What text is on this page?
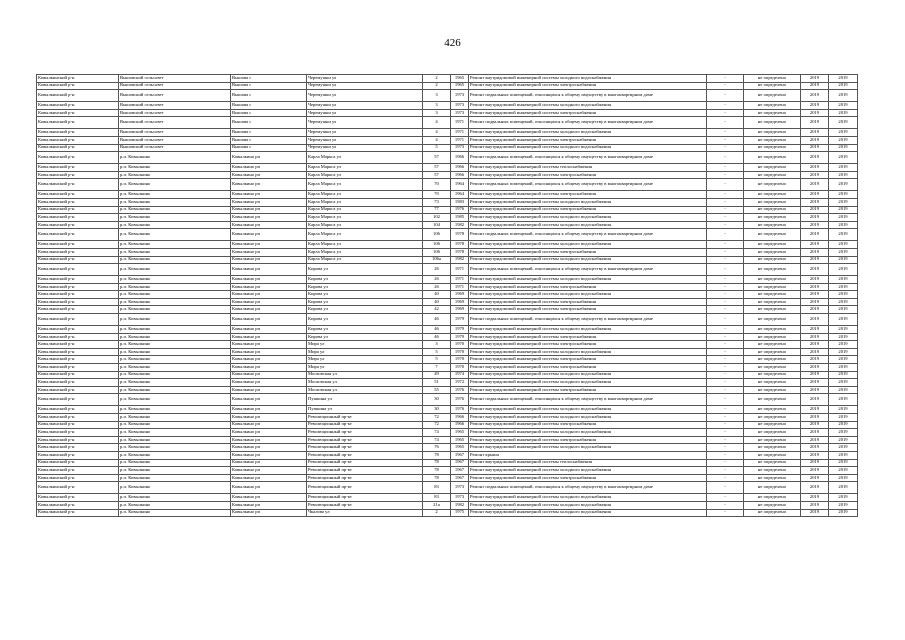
426
Ковылкинский р-н	Вышовский сельсовет	Вышова с	Черемушки ул	2	1965	Ремонт внутридомовой инженерной системы холодного водоснабжения	-	не определено	2019	2019
Ковылкинский р-н	Вышовский сельсовет	Вышова с	Черемушки ул	2	1965	Ремонт внутридомовой инженерной системы электроснабжения	-	не определено	2019	2019
Ковылкинский р-н	Вышовский сельсовет	Вышова с	Черемушки ул	3	1973	Ремонт подвальных помещений, относящихся к общему имуществу в многоквартирном доме	-	не определено	2019	2019
Ковылкинский р-н	Вышовский сельсовет	Вышова с	Черемушки ул	3	1973	Ремонт внутридомовой инженерной системы холодного водоснабжения	-	не определено	2019	2019
Ковылкинский р-н	Вышовский сельсовет	Вышова с	Черемушки ул	3	1973	Ремонт внутридомовой инженерной системы электроснабжения	-	не определено	2019	2019
Ковылкинский р-н	Вышовский сельсовет	Вышова с	Черемушки ул	4	1971	Ремонт подвальных помещений, относящихся к общему имуществу в многоквартирном доме	-	не определено	2019	2019
Ковылкинский р-н	Вышовский сельсовет	Вышова с	Черемушки ул	4	1971	Ремонт внутридомовой инженерной системы холодного водоснабжения	-	не определено	2019	2019
Ковылкинский р-н	Вышовский сельсовет	Вышова с	Черемушки ул	4	1971	Ремонт внутридомовой инженерной системы электроснабжения	-	не определено	2019	2019
Ковылкинский р-н	Вышовский сельсовет	Вышова с	Черемушки ул	5	1973	Ремонт внутридомовой инженерной системы холодного водоснабжения	-	не определено	2019	2019
Ковылкинский р-н	р.п. Ковылкино	Ковылкино рп	Карла Маркса ул	57	1966	Ремонт подвальных помещений, относящихся к общему имуществу в многоквартирном доме	-	не определено	2019	2019
Ковылкинский р-н	р.п. Ковылкино	Ковылкино рп	Карла Маркса ул	57	1966	Ремонт внутридомовой инженерной системы теплоснабжения	-	не определено	2019	2019
Ковылкинский р-н	р.п. Ковылкино	Ковылкино рп	Карла Маркса ул	57	1966	Ремонт внутридомовой инженерной системы электроснабжения	-	не определено	2019	2019
Ковылкинский р-н	р.п. Ковылкино	Ковылкино рп	Карла Маркса ул	70	1964	Ремонт подвальных помещений, относящихся к общему имуществу в многоквартирном доме	-	не определено	2019	2019
Ковылкинский р-н	р.п. Ковылкино	Ковылкино рп	Карла Маркса ул	70	1964	Ремонт внутридомовой инженерной системы электроснабжения	-	не определено	2019	2019
Ковылкинский р-н	р.п. Ковылкино	Ковылкино рп	Карла Маркса ул	73	1983	Ремонт внутридомовой инженерной системы холодного водоснабжения	-	не определено	2019	2019
Ковылкинский р-н	р.п. Ковылкино	Ковылкино рп	Карла Маркса ул	77	1976	Ремонт внутридомовой инженерной системы электроснабжения	-	не определено	2019	2019
Ковылкинский р-н	р.п. Ковылкино	Ковылкино рп	Карла Маркса ул	102	1985	Ремонт внутридомовой инженерной системы холодного водоснабжения	-	не определено	2019	2019
Ковылкинский р-н	р.п. Ковылкино	Ковылкино рп	Карла Маркса ул	104	1982	Ремонт внутридомовой инженерной системы холодного водоснабжения	-	не определено	2019	2019
Ковылкинский р-н	р.п. Ковылкино	Ковылкино рп	Карла Маркса ул	106	1978	Ремонт подвальных помещений, относящихся к общему имуществу в многоквартирном доме	-	не определено	2019	2019
Ковылкинский р-н	р.п. Ковылкино	Ковылкино рп	Карла Маркса ул	106	1978	Ремонт внутридомовой инженерной системы холодного водоснабжения	-	не определено	2019	2019
Ковылкинский р-н	р.п. Ковылкино	Ковылкино рп	Карла Маркса ул	106	1978	Ремонт внутридомовой инженерной системы электроснабжения	-	не определено	2019	2019
Ковылкинский р-н	р.п. Ковылкино	Ковылкино рп	Карла Маркса ул	106a	1982	Ремонт внутридомовой инженерной системы холодного водоснабжения	-	не определено	2019	2019
Ковылкинский р-н	р.п. Ковылкино	Ковылкино рп	Кирова ул	26	1971	Ремонт подвальных помещений, относящихся к общему имуществу в многоквартирном доме	-	не определено	2019	2019
Ковылкинский р-н	р.п. Ковылкино	Ковылкино рп	Кирова ул	26	1971	Ремонт внутридомовой инженерной системы холодного водоснабжения	-	не определено	2019	2019
Ковылкинский р-н	р.п. Ковылкино	Ковылкино рп	Кирова ул	26	1971	Ремонт внутридомовой инженерной системы электроснабжения	-	не определено	2019	2019
Ковылкинский р-н	р.п. Ковылкино	Ковылкино рп	Кирова ул	40	1969	Ремонт внутридомовой инженерной системы холодного водоснабжения	-	не определено	2019	2019
Ковылкинский р-н	р.п. Ковылкино	Ковылкино рп	Кирова ул	40	1969	Ремонт внутридомовой инженерной системы электроснабжения	-	не определено	2019	2019
Ковылкинский р-н	р.п. Ковылкино	Ковылкино рп	Кирова ул	42	1969	Ремонт внутридомовой инженерной системы электроснабжения	-	не определено	2019	2019
Ковылкинский р-н	р.п. Ковылкино	Ковылкино рп	Кирова ул	46	1979	Ремонт подвальных помещений, относящихся к общему имуществу в многоквартирном доме	-	не определено	2019	2019
Ковылкинский р-н	р.п. Ковылкино	Ковылкино рп	Кирова ул	46	1979	Ремонт внутридомовой инженерной системы холодного водоснабжения	-	не определено	2019	2019
Ковылкинский р-н	р.п. Ковылкино	Ковылкино рп	Кирова ул	46	1979	Ремонт внутридомовой инженерной системы электроснабжения	-	не определено	2019	2019
Ковылкинский р-н	р.п. Ковылкино	Ковылкино рп	Мира ул	3	1970	Ремонт внутридомовой инженерной системы электроснабжения	-	не определено	2019	2019
Ковылкинский р-н	р.п. Ковылкино	Ковылкино рп	Мира ул	5	1970	Ремонт внутридомовой инженерной системы холодного водоснабжения	-	не определено	2019	2019
Ковылкинский р-н	р.п. Ковылкино	Ковылкино рп	Мира ул	5	1970	Ремонт внутридомовой инженерной системы электроснабжения	-	не определено	2019	2019
Ковылкинский р-н	р.п. Ковылкино	Ковылкино рп	Мира ул	7	1970	Ремонт внутридомовой инженерной системы электроснабжения	-	не определено	2019	2019
Ковылкинский р-н	р.п. Ковылкино	Ковылкино рп	Московская ул	49	1974	Ремонт внутридомовой инженерной системы холодного водоснабжения	-	не определено	2019	2019
Ковылкинский р-н	р.п. Ковылкино	Ковылкино рп	Московская ул	51	1972	Ремонт внутридомовой инженерной системы холодного водоснабжения	-	не определено	2019	2019
Ковылкинский р-н	р.п. Ковылкино	Ковылкино рп	Московская ул	55	1976	Ремонт внутридомовой инженерной системы электроснабжения	-	не определено	2019	2019
Ковылкинский р-н	р.п. Ковылкино	Ковылкино рп	Пушкина ул	30	1976	Ремонт подвальных помещений, относящихся к общему имуществу в многоквартирном доме	-	не определено	2019	2019
Ковылкинский р-н	р.п. Ковылкино	Ковылкино рп	Пушкина ул	30	1976	Ремонт внутридомовой инженерной системы холодного водоснабжения	-	не определено	2019	2019
Ковылкинский р-н	р.п. Ковылкино	Ковылкино рп	Революционный пр-кт	72	1966	Ремонт внутридомовой инженерной системы холодного водоснабжения	-	не определено	2019	2019
Ковылкинский р-н	р.п. Ковылкино	Ковылкино рп	Революционный пр-кт	72	1966	Ремонт внутридомовой инженерной системы электроснабжения	-	не определено	2019	2019
Ковылкинский р-н	р.п. Ковылкино	Ковылкино рп	Революционный пр-кт	74	1965	Ремонт внутридомовой инженерной системы холодного водоснабжения	-	не определено	2019	2019
Ковылкинский р-н	р.п. Ковылкино	Ковылкино рп	Революционный пр-кт	74	1965	Ремонт внутридомовой инженерной системы электроснабжения	-	не определено	2019	2019
Ковылкинский р-н	р.п. Ковылкино	Ковылкино рп	Революционный пр-кт	76	1965	Ремонт внутридомовой инженерной системы холодного водоснабжения	-	не определено	2019	2019
Ковылкинский р-н	р.п. Ковылкино	Ковылкино рп	Революционный пр-кт	78	1967	Ремонт крыши	-	не определено	2019	2019
Ковылкинский р-н	р.п. Ковылкино	Ковылкино рп	Революционный пр-кт	78	1967	Ремонт внутридомовой инженерной системы теплоснабжения	-	не определено	2019	2019
Ковылкинский р-н	р.п. Ковылкино	Ковылкино рп	Революционный пр-кт	78	1967	Ремонт внутридомовой инженерной системы холодного водоснабжения	-	не определено	2019	2019
Ковылкинский р-н	р.п. Ковылкино	Ковылкино рп	Революционный пр-кт	78	1967	Ремонт внутридомовой инженерной системы электроснабжения	-	не определено	2019	2019
Ковылкинский р-н	р.п. Ковылкино	Ковылкино рп	Революционный пр-кт	83	1973	Ремонт подвальных помещений, относящихся к общему имуществу в многоквартирном доме	-	не определено	2019	2019
Ковылкинский р-н	р.п. Ковылкино	Ковылкино рп	Революционный пр-кт	83	1973	Ремонт внутридомовой инженерной системы холодного водоснабжения	-	не определено	2019	2019
Ковылкинский р-н	р.п. Ковылкино	Ковылкино рп	Революционный пр-кт	21a	1982	Ремонт внутридомовой инженерной системы холодного водоснабжения	-	не определено	2019	2019
Ковылкинский р-н	р.п. Ковылкино	Ковылкино рп	Чкалова ул	2	1975	Ремонт внутридомовой инженерной системы холодного водоснабжения	-	не определено	2019	2019
